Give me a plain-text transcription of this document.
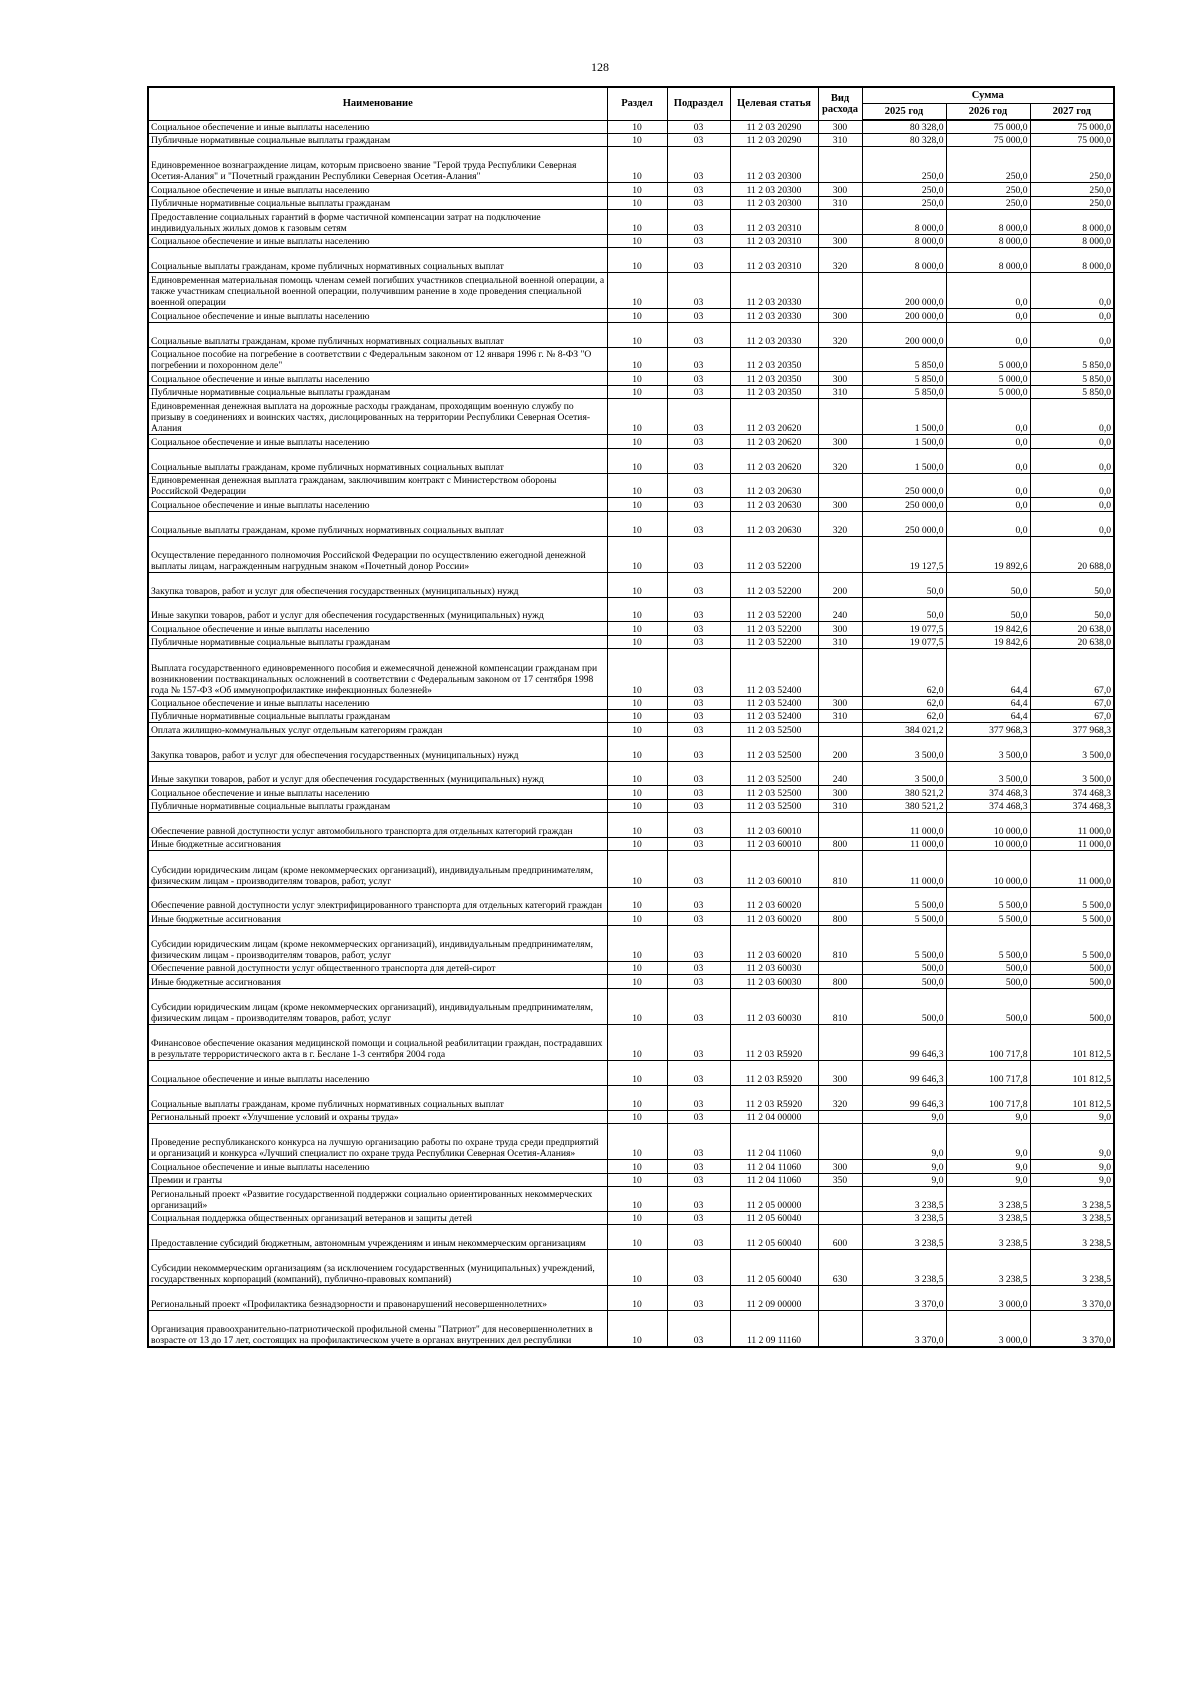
128
Наименование	Раздел	Подраздел	Целевая статья	Вид расхода	Сумма		
					2025 год	2026 год	2027 год
Социальное обеспечение и иные выплаты населению	10	03	11 2 03 20290	300	80 328,0	75 000,0	75 000,0
Публичные нормативные социальные выплаты гражданам	10	03	11 2 03 20290	310	80 328,0	75 000,0	75 000,0
Единовременное вознаграждение лицам, которым присвоено звание "Герой труда Республики Северная Осетия-Алания" и "Почетный гражданин Республики Северная Осетия-Алания"	10	03	11 2 03 20300		250,0	250,0	250,0
Социальное обеспечение и иные выплаты населению	10	03	11 2 03 20300	300	250,0	250,0	250,0
Публичные нормативные социальные выплаты гражданам	10	03	11 2 03 20300	310	250,0	250,0	250,0
Предоставление социальных гарантий в форме частичной компенсации затрат на подключение индивидуальных жилых домов к газовым сетям	10	03	11 2 03 20310		8 000,0	8 000,0	8 000,0
Социальное обеспечение и иные выплаты населению	10	03	11 2 03 20310	300	8 000,0	8 000,0	8 000,0
Социальные выплаты гражданам, кроме публичных нормативных социальных выплат	10	03	11 2 03 20310	320	8 000,0	8 000,0	8 000,0
Единовременная материальная помощь членам семей погибших участников специальной военной операции, а также участникам специальной военной операции, получившим ранение в ходе проведения специальной военной операции	10	03	11 2 03 20330		200 000,0	0,0	0,0
Социальное обеспечение и иные выплаты населению	10	03	11 2 03 20330	300	200 000,0	0,0	0,0
Социальные выплаты гражданам, кроме публичных нормативных социальных выплат	10	03	11 2 03 20330	320	200 000,0	0,0	0,0
Социальное пособие на погребение в соответствии с Федеральным законом от 12 января 1996 г. № 8-ФЗ "О погребении и похоронном деле"	10	03	11 2 03 20350		5 850,0	5 000,0	5 850,0
Социальное обеспечение и иные выплаты населению	10	03	11 2 03 20350	300	5 850,0	5 000,0	5 850,0
Публичные нормативные социальные выплаты гражданам	10	03	11 2 03 20350	310	5 850,0	5 000,0	5 850,0
Единовременная денежная выплата на дорожные расходы гражданам, проходящим военную службу по призыву в соединениях и воинских частях, дислоцированных на территории Республики Северная Осетия-Алания	10	03	11 2 03 20620		1 500,0	0,0	0,0
Социальное обеспечение и иные выплаты населению	10	03	11 2 03 20620	300	1 500,0	0,0	0,0
Социальные выплаты гражданам, кроме публичных нормативных социальных выплат	10	03	11 2 03 20620	320	1 500,0	0,0	0,0
Единовременная денежная выплата гражданам, заключившим контракт с Министерством обороны Российской Федерации	10	03	11 2 03 20630		250 000,0	0,0	0,0
Социальное обеспечение и иные выплаты населению	10	03	11 2 03 20630	300	250 000,0	0,0	0,0
Социальные выплаты гражданам, кроме публичных нормативных социальных выплат	10	03	11 2 03 20630	320	250 000,0	0,0	0,0
Осуществление переданного полномочия Российской Федерации по осуществлению ежегодной денежной выплаты лицам, награжденным нагрудным знаком «Почетный донор России»	10	03	11 2 03 52200		19 127,5	19 892,6	20 688,0
Закупка товаров, работ и услуг для обеспечения государственных (муниципальных) нужд	10	03	11 2 03 52200	200	50,0	50,0	50,0
Иные закупки товаров, работ и услуг для обеспечения государственных (муниципальных) нужд	10	03	11 2 03 52200	240	50,0	50,0	50,0
Социальное обеспечение и иные выплаты населению	10	03	11 2 03 52200	300	19 077,5	19 842,6	20 638,0
Публичные нормативные социальные выплаты гражданам	10	03	11 2 03 52200	310	19 077,5	19 842,6	20 638,0
Выплата государственного единовременного пособия и ежемесячной денежной компенсации гражданам при возникновении поствакцинальных осложнений в соответствии с Федеральным законом от 17 сентября 1998 года № 157-ФЗ «Об иммунопрофилактике инфекционных болезней»	10	03	11 2 03 52400		62,0	64,4	67,0
Социальное обеспечение и иные выплаты населению	10	03	11 2 03 52400	300	62,0	64,4	67,0
Публичные нормативные социальные выплаты гражданам	10	03	11 2 03 52400	310	62,0	64,4	67,0
Оплата жилищно-коммунальных услуг отдельным категориям граждан	10	03	11 2 03 52500		384 021,2	377 968,3	377 968,3
Закупка товаров, работ и услуг для обеспечения государственных (муниципальных) нужд	10	03	11 2 03 52500	200	3 500,0	3 500,0	3 500,0
Иные закупки товаров, работ и услуг для обеспечения государственных (муниципальных) нужд	10	03	11 2 03 52500	240	3 500,0	3 500,0	3 500,0
Социальное обеспечение и иные выплаты населению	10	03	11 2 03 52500	300	380 521,2	374 468,3	374 468,3
Публичные нормативные социальные выплаты гражданам	10	03	11 2 03 52500	310	380 521,2	374 468,3	374 468,3
Обеспечение равной доступности услуг автомобильного транспорта для отдельных категорий граждан	10	03	11 2 03 60010		11 000,0	10 000,0	11 000,0
Иные бюджетные ассигнования	10	03	11 2 03 60010	800	11 000,0	10 000,0	11 000,0
Субсидии юридическим лицам (кроме некоммерческих организаций), индивидуальным предпринимателям, физическим лицам - производителям товаров, работ, услуг	10	03	11 2 03 60010	810	11 000,0	10 000,0	11 000,0
Обеспечение равной доступности услуг электрифицированного транспорта для отдельных категорий граждан	10	03	11 2 03 60020		5 500,0	5 500,0	5 500,0
Иные бюджетные ассигнования	10	03	11 2 03 60020	800	5 500,0	5 500,0	5 500,0
Субсидии юридическим лицам (кроме некоммерческих организаций), индивидуальным предпринимателям, физическим лицам - производителям товаров, работ, услуг	10	03	11 2 03 60020	810	5 500,0	5 500,0	5 500,0
Обеспечение равной доступности услуг общественного транспорта для детей-сирот	10	03	11 2 03 60030		500,0	500,0	500,0
Иные бюджетные ассигнования	10	03	11 2 03 60030	800	500,0	500,0	500,0
Субсидии юридическим лицам (кроме некоммерческих организаций), индивидуальным предпринимателям, физическим лицам - производителям товаров, работ, услуг	10	03	11 2 03 60030	810	500,0	500,0	500,0
Финансовое обеспечение оказания медицинской помощи и социальной реабилитации граждан, пострадавших в результате террористического акта в г. Беслане 1-3 сентября 2004 года	10	03	11 2 03 R5920		99 646,3	100 717,8	101 812,5
Социальное обеспечение и иные выплаты населению	10	03	11 2 03 R5920	300	99 646,3	100 717,8	101 812,5
Социальные выплаты гражданам, кроме публичных нормативных социальных выплат	10	03	11 2 03 R5920	320	99 646,3	100 717,8	101 812,5
Региональный проект «Улучшение условий и охраны труда»	10	03	11 2 04 00000		9,0	9,0	9,0
Проведение республиканского конкурса на лучшую организацию работы по охране труда среди предприятий и организаций и конкурса «Лучший специалист по охране труда Республики Северная Осетия-Алания»	10	03	11 2 04 11060		9,0	9,0	9,0
Социальное обеспечение и иные выплаты населению	10	03	11 2 04 11060	300	9,0	9,0	9,0
Премии и гранты	10	03	11 2 04 11060	350	9,0	9,0	9,0
Региональный проект «Развитие государственной поддержки социально ориентированных некоммерческих организаций»	10	03	11 2 05 00000		3 238,5	3 238,5	3 238,5
Социальная поддержка общественных организаций ветеранов и защиты детей	10	03	11 2 05 60040		3 238,5	3 238,5	3 238,5
Предоставление субсидий бюджетным, автономным учреждениям и иным некоммерческим организациям	10	03	11 2 05 60040	600	3 238,5	3 238,5	3 238,5
Субсидии некоммерческим организациям (за исключением государственных (муниципальных) учреждений, государственных корпораций (компаний), публично-правовых компаний)	10	03	11 2 05 60040	630	3 238,5	3 238,5	3 238,5
Региональный проект «Профилактика безнадзорности и правонарушений несовершеннолетних»	10	03	11 2 09 00000		3 370,0	3 000,0	3 370,0
Организация правоохранительно-патриотической профильной смены "Патриот" для несовершеннолетних в возрасте от 13 до 17 лет, состоящих на профилактическом учете в органах внутренних дел республики	10	03	11 2 09 11160		3 370,0	3 000,0	3 370,0
